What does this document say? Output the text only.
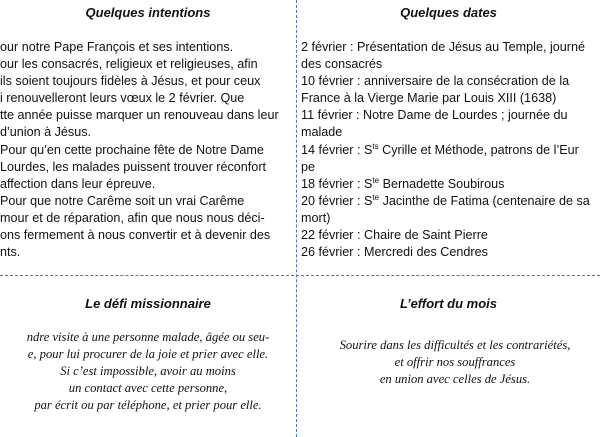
Quelques intentions
our notre Pape François et ses intentions.
our les consacrés, religieux et religieuses, afin
ils soient toujours fidèles à Jésus, et pour ceux
i renouvelleront leurs vœux le 2 février. Que
tte année puisse marquer un renouveau dans leur
d’union à Jésus.
Pour qu’en cette prochaine fête de Notre Dame
Lourdes, les malades puissent trouver réconfort
affection dans leur épreuve.
Pour que notre Carême soit un vrai Carême
mour et de réparation, afin que nous nous déci-
ons fermement à nous convertir et à devenir des
nts.
Quelques dates
2 février : Présentation de Jésus au Temple, journé
des consacrés
10 février : anniversaire de la consécration de la
France à la Vierge Marie par Louis XIII (1638)
11 février : Notre Dame de Lourdes ; journée du
malade
14 février : $S^{ts}$ Cyrille et Méthode, patrons de l’Eur
pe
18 février : $S^{te}$ Bernadette Soubirous
20 février : $S^{te}$ Jacinthe de Fatima (centenaire de sa
mort)
22 février : Chaire de Saint Pierre
26 février : Mercredi des Cendres
Le défi missionnaire
ndre visite à une personne malade, âgée ou seu-
e, pour lui procurer de la joie et prier avec elle.
Si c’est impossible, avoir au moins
un contact avec cette personne,
par écrit ou par téléphone, et prier pour elle.
L’effort du mois
Sourire dans les difficultés et les contrariétés,
et offrir nos souffrances
en union avec celles de Jésus.
